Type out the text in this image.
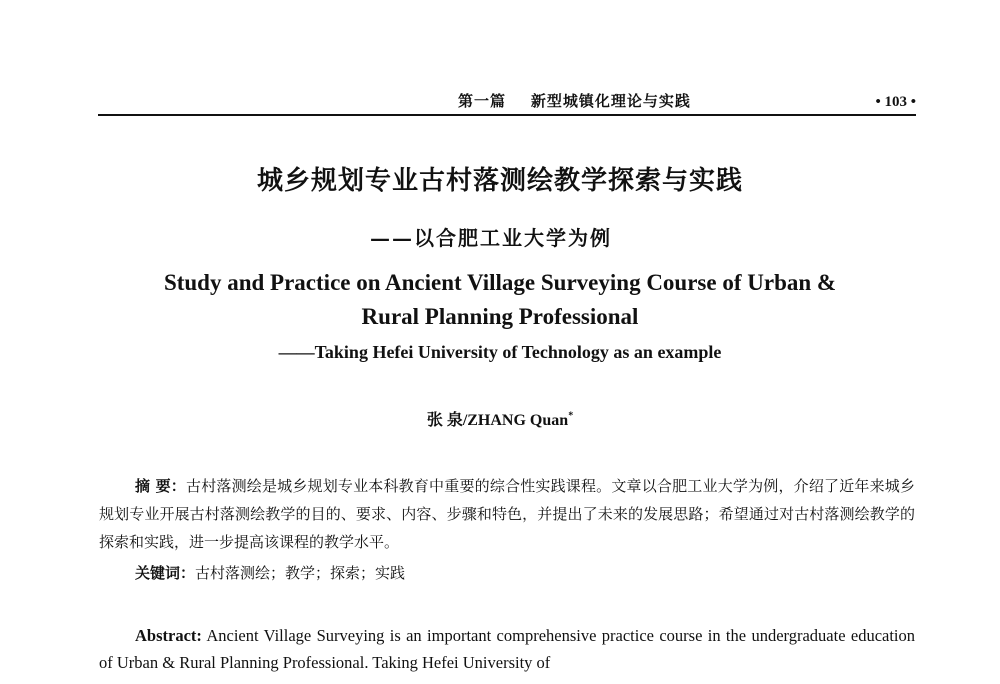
第一篇    新型城镇化理论与实践	• 103 •
城乡规划专业古村落测绘教学探索与实践
——以合肥工业大学为例
Study and Practice on Ancient Village Surveying Course of Urban &
Rural Planning Professional
——Taking Hefei University of Technology as an example
张 泉/ZHANG Quan*
摘 要：古村落测绘是城乡规划专业本科教育中重要的综合性实践课程。文章以合肥工业大学为例，介绍了近年来城乡规划专业开展古村落测绘教学的目的、要求、内容、步骤和特色，并提出了未来的发展思路；希望通过对古村落测绘教学的探索和实践，进一步提高该课程的教学水平。
关键词：古村落测绘；教学；探索；实践
Abstract: Ancient Village Surveying is an important comprehensive practice course in the undergraduate education of Urban & Rural Planning Professional. Taking Hefei University of
